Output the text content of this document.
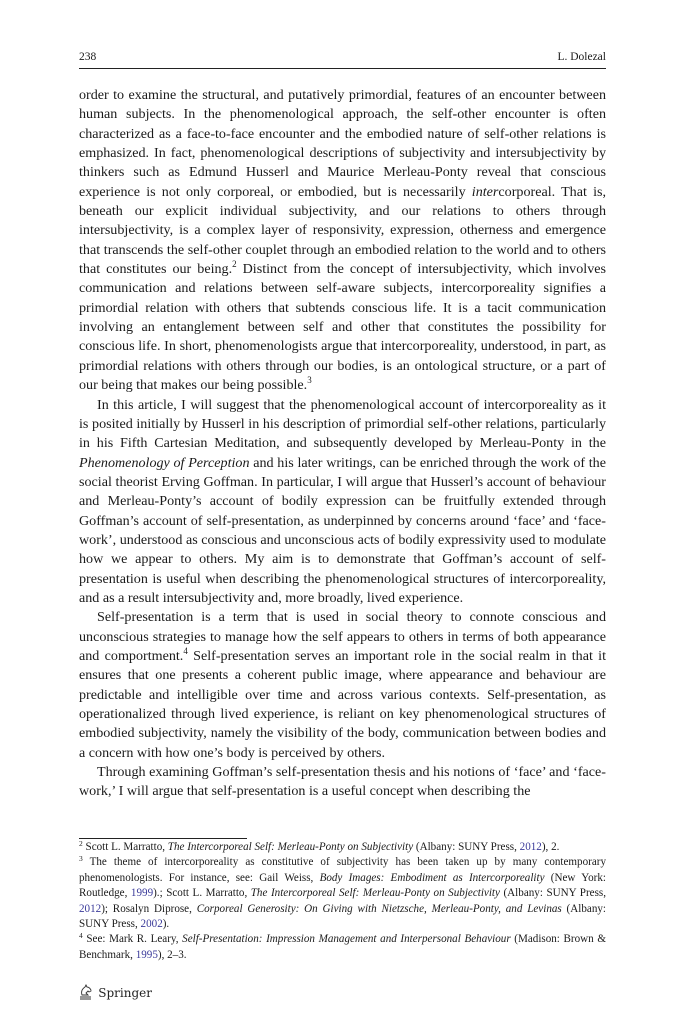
238	L. Dolezal

order to examine the structural, and putatively primordial, features of an encounter between human subjects. In the phenomenological approach, the self-other encounter is often characterized as a face-to-face encounter and the embodied nature of self-other relations is emphasized. In fact, phenomenological descriptions of subjectivity and intersubjectivity by thinkers such as Edmund Husserl and Maurice Merleau-Ponty reveal that conscious experience is not only corporeal, or embodied, but is necessarily intercorporeal. That is, beneath our explicit individual subjectivity, and our relations to others through intersubjectivity, is a complex layer of responsivity, expression, otherness and emergence that transcends the self-other couplet through an embodied relation to the world and to others that constitutes our being.$^2$ Distinct from the concept of intersubjectivity, which involves communication and relations between self-aware subjects, intercorporeality signifies a primordial relation with others that subtends conscious life. It is a tacit communication involving an entanglement between self and other that constitutes the possibility for conscious life. In short, phenomenologists argue that intercorporeality, understood, in part, as primordial relations with others through our bodies, is an ontological structure, or a part of our being that makes our being possible.$^3$

In this article, I will suggest that the phenomenological account of intercorporeality as it is posited initially by Husserl in his description of primordial self-other relations, particularly in his Fifth Cartesian Meditation, and subsequently developed by Merleau-Ponty in the Phenomenology of Perception and his later writings, can be enriched through the work of the social theorist Erving Goffman. In particular, I will argue that Husserl’s account of behaviour and Merleau-Ponty’s account of bodily expression can be fruitfully extended through Goffman’s account of self-presentation, as underpinned by concerns around ‘face’ and ‘face-work’, understood as conscious and unconscious acts of bodily expressivity used to modulate how we appear to others. My aim is to demonstrate that Goffman’s account of self-presentation is useful when describing the phenomenological structures of intercorporeality, and as a result intersubjectivity and, more broadly, lived experience.

Self-presentation is a term that is used in social theory to connote conscious and unconscious strategies to manage how the self appears to others in terms of both appearance and comportment.$^4$ Self-presentation serves an important role in the social realm in that it ensures that one presents a coherent public image, where appearance and behaviour are predictable and intelligible over time and across various contexts. Self-presentation, as operationalized through lived experience, is reliant on key phenomenological structures of embodied subjectivity, namely the visibility of the body, communication between bodies and a concern with how one’s body is perceived by others.

Through examining Goffman’s self-presentation thesis and his notions of ‘face’ and ‘face-work,’ I will argue that self-presentation is a useful concept when describing the

$^2$ Scott L. Marratto, The Intercorporeal Self: Merleau-Ponty on Subjectivity (Albany: SUNY Press, 2012), 2.

$^3$ The theme of intercorporeality as constitutive of subjectivity has been taken up by many contemporary phenomenologists. For instance, see: Gail Weiss, Body Images: Embodiment as Intercorporeality (New York: Routledge, 1999).; Scott L. Marratto, The Intercorporeal Self: Merleau-Ponty on Subjectivity (Albany: SUNY Press, 2012); Rosalyn Diprose, Corporeal Generosity: On Giving with Nietzsche, Merleau-Ponty, and Levinas (Albany: SUNY Press, 2002).

$^4$ See: Mark R. Leary, Self-Presentation: Impression Management and Interpersonal Behaviour (Madison: Brown & Benchmark, 1995), 2–3.

Springer
